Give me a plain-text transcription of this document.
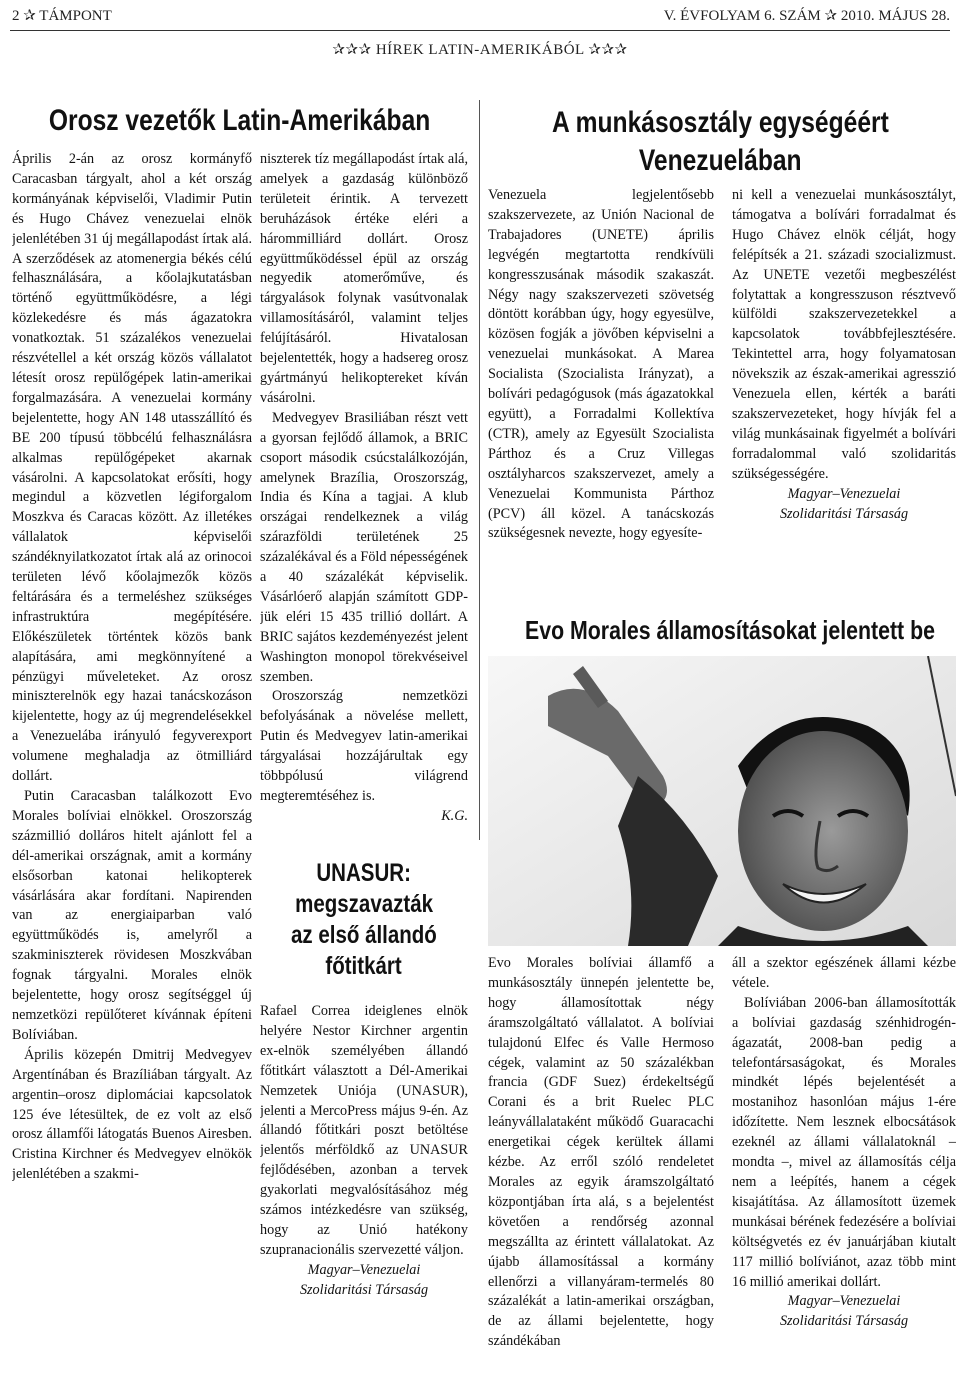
2 ✰ TÁMPONT	V. ÉVFOLYAM 6. SZÁM ✰ 2010. MÁJUS 28.
✰✰✰ HÍREK LATIN-AMERIKÁBÓL ✰✰✰
Orosz vezetők Latin-Amerikában

Április 2-án az orosz kormányfő Caracasban tárgyalt, ahol a két ország kormányának képviselői, Vladimir Putin és Hugo Chávez venezuelai elnök jelenlétében 31 új megállapodást írtak alá. A szerződések az atomenergia békés célú felhasználására, a kőolajkutatásban történő együttműködésre, a légi közlekedésre és más ágazatokra vonatkoztak. 51 százalékos venezuelai részvétellel a két ország közös vállalatot létesít orosz repülőgépek latin-amerikai forgalmazására. A venezuelai kormány bejelentette, hogy AN 148 utasszállító és BE 200 típusú többcélú felhasználásra alkalmas repülőgépeket akarnak vásárolni. A kapcsolatokat erősíti, hogy megindul a közvetlen légiforgalom Moszkva és Caracas között. Az illetékes vállalatok képviselői szándéknyilatkozatot írtak alá az orinocoi területen lévő kőolajmezők közös feltárására és a termeléshez szükséges infrastruktúra megépítésére. Előkészületek történtek közös bank alapítására, ami megkönnyítené a pénzügyi műveleteket. Az orosz miniszterelnök egy hazai tanácskozáson kijelentette, hogy az új megrendelésekkel a Venezuelába irányuló fegyverexport volumene meghaladja az ötmilliárd dollárt.

Putin Caracasban találkozott Evo Morales bolíviai elnökkel. Oroszország százmillió dolláros hitelt ajánlott fel a dél-amerikai országnak, amit a kormány elsősorban katonai helikopterek vásárlására akar fordítani. Napirenden van az energiaiparban való együttműködés is, amelyről a szakminiszterek rövidesen Moszkvában fognak tárgyalni. Morales elnök bejelentette, hogy orosz segítséggel új nemzetközi repülőteret kívánnak építeni Bolíviában.

Április közepén Dmitrij Medvegyev Argentínában és Brazíliában tárgyalt. Az argentin–orosz diplomáciai kapcsolatok 125 éve létesültek, de ez volt az első orosz államfői látogatás Buenos Airesben. Cristina Kirchner és Medvegyev elnökök jelenlétében a szakmi-

niszterek tíz megállapodást írtak alá, amelyek a gazdaság különböző területeit érintik. A tervezett beruházások értéke eléri a hárommilliárd dollárt. Orosz együttműködéssel épül az ország negyedik atomerőműve, és tárgyalások folynak vasútvonalak villamosításáról, valamint teljes felújításáról. Hivatalosan bejelentették, hogy a hadsereg orosz gyártmányú helikoptereket kíván vásárolni.

Medvegyev Brasiliában részt vett a gyorsan fejlődő államok, a BRIC csoport második csúcstalálkozóján, amelynek Brazília, Oroszország, India és Kína a tagjai. A klub országai rendelkeznek a világ szárazföldi területének 25 százalékával és a Föld népességének a 40 százalékát képviselik. Vásárlóerő alapján számított GDP-jük eléri 15 435 trillió dollárt. A BRIC sajátos kezdeményezést jelent Washington monopol törekvéseivel szemben.

Oroszország nemzetközi befolyásának a növelése mellett, Putin és Medvegyev latin-amerikai tárgyalásai hozzájárultak egy többpólusú világrend megteremtéséhez is.

K.G.
UNASUR:
megszavazták
az első állandó
főtitkárt

Rafael Correa ideiglenes elnök helyére Nestor Kirchner argentin ex-elnök személyében állandó főtitkárt választott a Dél-Amerikai Nemzetek Uniója (UNASUR), jelenti a MercoPress május 9-én. Az állandó főtitkári poszt betöltése jelentős mérföldkő az UNASUR fejlődésében, azonban a tervek gyakorlati megvalósításához még számos intézkedésre van szükség, hogy az Unió hatékony szupranacionális szervezetté váljon.

Magyar–Venezuelai

Szolidaritási Társaság

A munkásosztály egységéért
Venezuelában

Venezuela legjelentősebb szakszervezete, az Unión Nacional de Trabajadores (UNETE) április legvégén megtartotta rendkívüli kongresszusának második szakaszát. Négy nagy szakszervezeti szövetség döntött korábban úgy, hogy egyesülve, közösen fogják a jövőben képviselni a venezuelai munkásokat. A Marea Socialista (Szocialista Irányzat), a bolívári pedagógusok (más ágazatokkal együtt), a Forradalmi Kollektíva (CTR), amely az Egyesült Szocialista Párthoz és a Cruz Villegas osztályharcos szakszervezet, amely a Venezuelai Kommunista Párthoz (PCV) áll közel. A tanácskozás szükségesnek nevezte, hogy egyesíte-

ni kell a venezuelai munkásosztályt, támogatva a bolívári forradalmat és Hugo Chávez elnök célját, hogy felépítsék a 21. századi szocializmust. Az UNETE vezetői megbeszélést folytattak a kongresszuson résztvevő külföldi szakszervezetekkel a kapcsolatok továbbfejlesztésére. Tekintettel arra, hogy folyamatosan növekszik az észak-amerikai agresszió Venezuela ellen, kérték a baráti szakszervezeteket, hogy hívják fel a világ munkásainak figyelmét a bolívári forradalommal való szolidaritás szükségességére.

Magyar–Venezuelai

Szolidaritási Társaság

Evo Morales államosításokat jelentett be

Evo Morales bolíviai államfő a munkásosztály ünnepén jelentette be, hogy államosítottak négy áramszolgáltató vállalatot. A bolíviai tulajdonú Elfec és Valle Hermoso cégek, valamint az 50 százalékban francia (GDF Suez) érdekeltségű Corani és a brit Ruelec PLC leányvállalataként működő Guaracachi energetikai cégek kerültek állami kézbe. Az erről szóló rendeletet Morales az egyik áramszolgáltató központjában írta alá, s a bejelentést követően a rendőrség azonnal megszállta az érintett vállalatokat. Az újabb államosítással a kormány ellenőrzi a villanyáram-termelés 80 százalékát a latin-amerikai országban, de az állami bejelentette, hogy szándékában

áll a szektor egészének állami kézbe vétele.

Bolíviában 2006-ban államosították a bolíviai gazdaság szénhidrogén-ágazatát, 2008-ban pedig a telefontársaságokat, és Morales mindkét lépés bejelentését a mostanihoz hasonlóan május 1-ére időzítette. Nem lesznek elbocsátások ezeknél az állami vállalatoknál – mondta –, mivel az államosítás célja nem a leépítés, hanem a cégek kisajátítása. Az államosított üzemek munkásai bérének fedezésére a bolíviai költségvetés ez év januárjában kiutalt 117 millió bolíviánot, azaz több mint 16 millió amerikai dollárt.

Magyar–Venezuelai

Szolidaritási Társaság
